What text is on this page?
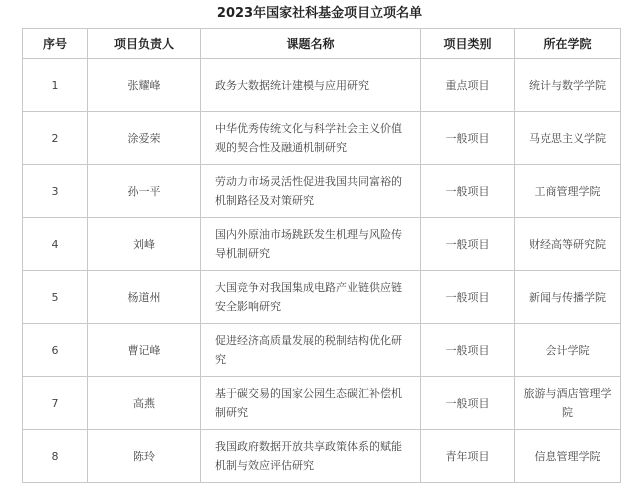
2023年国家社科基金项目立项名单
序号	项目负责人	课题名称	项目类别	所在学院
1	张耀峰	政务大数据统计建模与应用研究	重点项目	统计与数学学院
2	涂爱荣	中华优秀传统文化与科学社会主义价值观的契合性及融通机制研究	一般项目	马克思主义学院
3	孙一平	劳动力市场灵活性促进我国共同富裕的机制路径及对策研究	一般项目	工商管理学院
4	刘峰	国内外原油市场跳跃发生机理与风险传导机制研究	一般项目	财经高等研究院
5	杨道州	大国竞争对我国集成电路产业链供应链安全影响研究	一般项目	新闻与传播学院
6	曹记峰	促进经济高质量发展的税制结构优化研究	一般项目	会计学院
7	高燕	基于碳交易的国家公园生态碳汇补偿机制研究	一般项目	旅游与酒店管理学院
8	陈玲	我国政府数据开放共享政策体系的赋能机制与效应评估研究	青年项目	信息管理学院
